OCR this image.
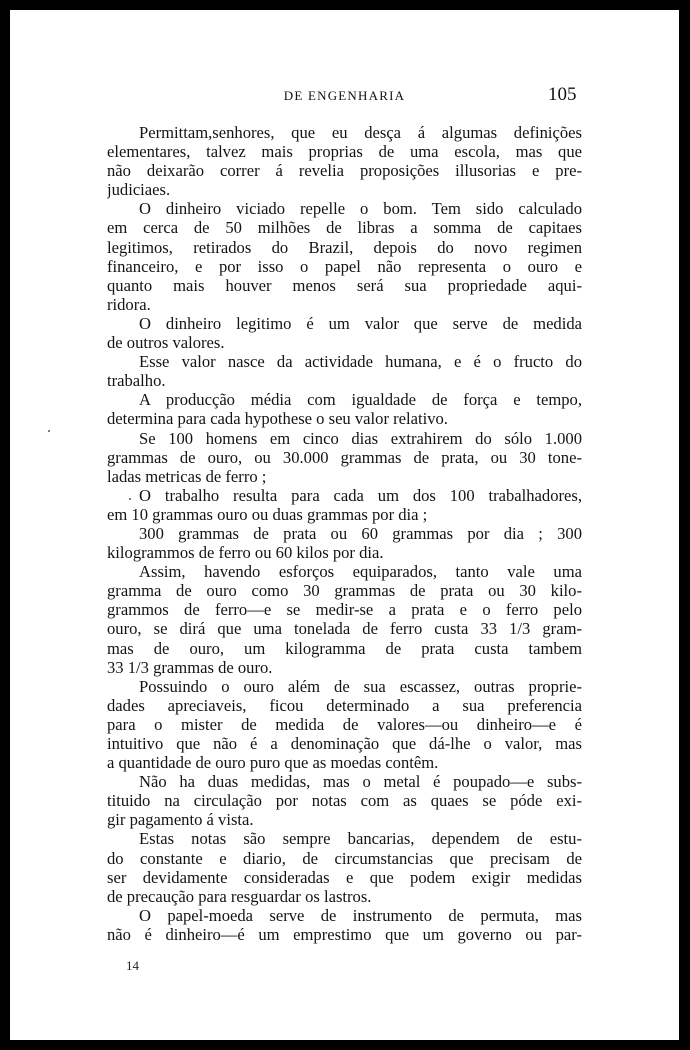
DE ENGENHARIA	105
Permittam,senhores, que eu desça á algumas definições
elementares, talvez mais proprias de uma escola, mas que
não deixarão correr á revelia proposições illusorias e pre-
judiciaes.
O dinheiro viciado repelle o bom. Tem sido calculado
em cerca de 50 milhões de libras a somma de capitaes
legitimos, retirados do Brazil, depois do novo regimen
financeiro, e por isso o papel não representa o ouro e
quanto mais houver menos será sua propriedade aqui-
ridora.
O dinheiro legitimo é um valor que serve de medida
de outros valores.
Esse valor nasce da actividade humana, e é o fructo do
trabalho.
A producção média com igualdade de força e tempo,
determina para cada hypothese o seu valor relativo.
Se 100 homens em cinco dias extrahirem do sólo 1.000
grammas de ouro, ou 30.000 grammas de prata, ou 30 tone-
ladas metricas de ferro ;
O trabalho resulta para cada um dos 100 trabalhadores,
em 10 grammas ouro ou duas grammas por dia ;
300 grammas de prata ou 60 grammas por dia ; 300
kilogrammos de ferro ou 60 kilos por dia.
Assim, havendo esforços equiparados, tanto vale uma
gramma de ouro como 30 grammas de prata ou 30 kilo-
grammos de ferro—e se medir-se a prata e o ferro pelo
ouro, se dirá que uma tonelada de ferro custa 33 1/3 gram-
mas de ouro, um kilogramma de prata custa tambem
33 1/3 grammas de ouro.
Possuindo o ouro além de sua escassez, outras proprie-
dades apreciaveis, ficou determinado a sua preferencia
para o mister de medida de valores—ou dinheiro—e é
intuitivo que não é a denominação que dá-lhe o valor, mas
a quantidade de ouro puro que as moedas contêm.
Não ha duas medidas, mas o metal é poupado—e subs-
tituido na circulação por notas com as quaes se póde exi-
gir pagamento á vista.
Estas notas são sempre bancarias, dependem de estu-
do constante e diario, de circumstancias que precisam de
ser devidamente consideradas e que podem exigir medidas
de precaução para resguardar os lastros.
O papel-moeda serve de instrumento de permuta, mas
não é dinheiro—é um emprestimo que um governo ou par-
14
